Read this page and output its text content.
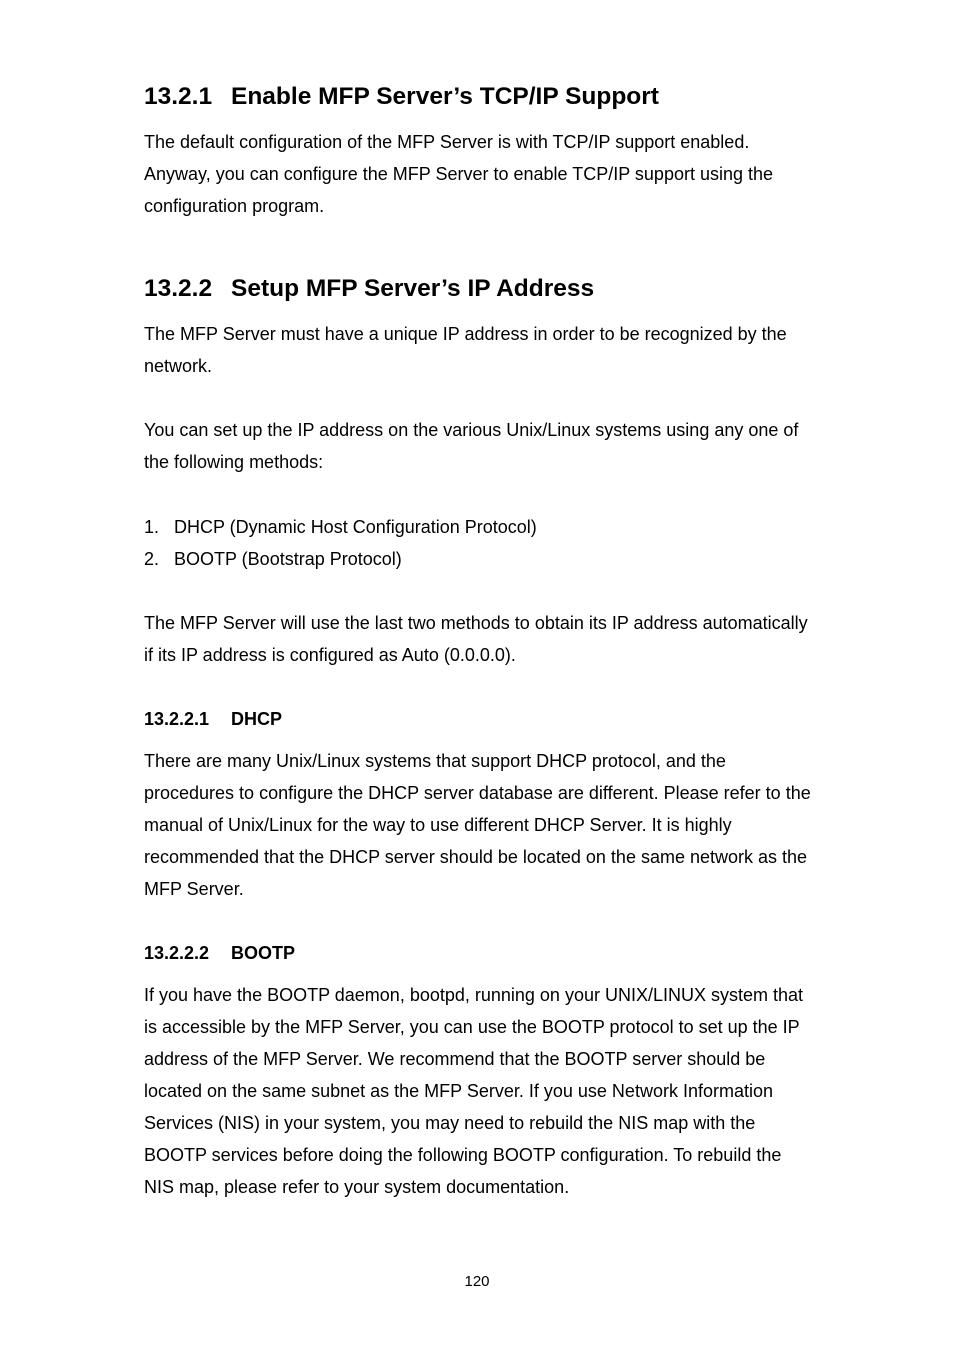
13.2.1 Enable MFP Server’s TCP/IP Support

The default configuration of the MFP Server is with TCP/IP support enabled. Anyway, you can configure the MFP Server to enable TCP/IP support using the configuration program.

13.2.2 Setup MFP Server’s IP Address

The MFP Server must have a unique IP address in order to be recognized by the network.

You can set up the IP address on the various Unix/Linux systems using any one of the following methods:

1. DHCP (Dynamic Host Configuration Protocol)
2. BOOTP (Bootstrap Protocol)

The MFP Server will use the last two methods to obtain its IP address automatically if its IP address is configured as Auto (0.0.0.0).

13.2.2.1 DHCP

There are many Unix/Linux systems that support DHCP protocol, and the procedures to configure the DHCP server database are different. Please refer to the manual of Unix/Linux for the way to use different DHCP Server. It is highly recommended that the DHCP server should be located on the same network as the MFP Server.

13.2.2.2 BOOTP

If you have the BOOTP daemon, bootpd, running on your UNIX/LINUX system that is accessible by the MFP Server, you can use the BOOTP protocol to set up the IP address of the MFP Server. We recommend that the BOOTP server should be located on the same subnet as the MFP Server. If you use Network Information Services (NIS) in your system, you may need to rebuild the NIS map with the BOOTP services before doing the following BOOTP configuration. To rebuild the NIS map, please refer to your system documentation.

120
